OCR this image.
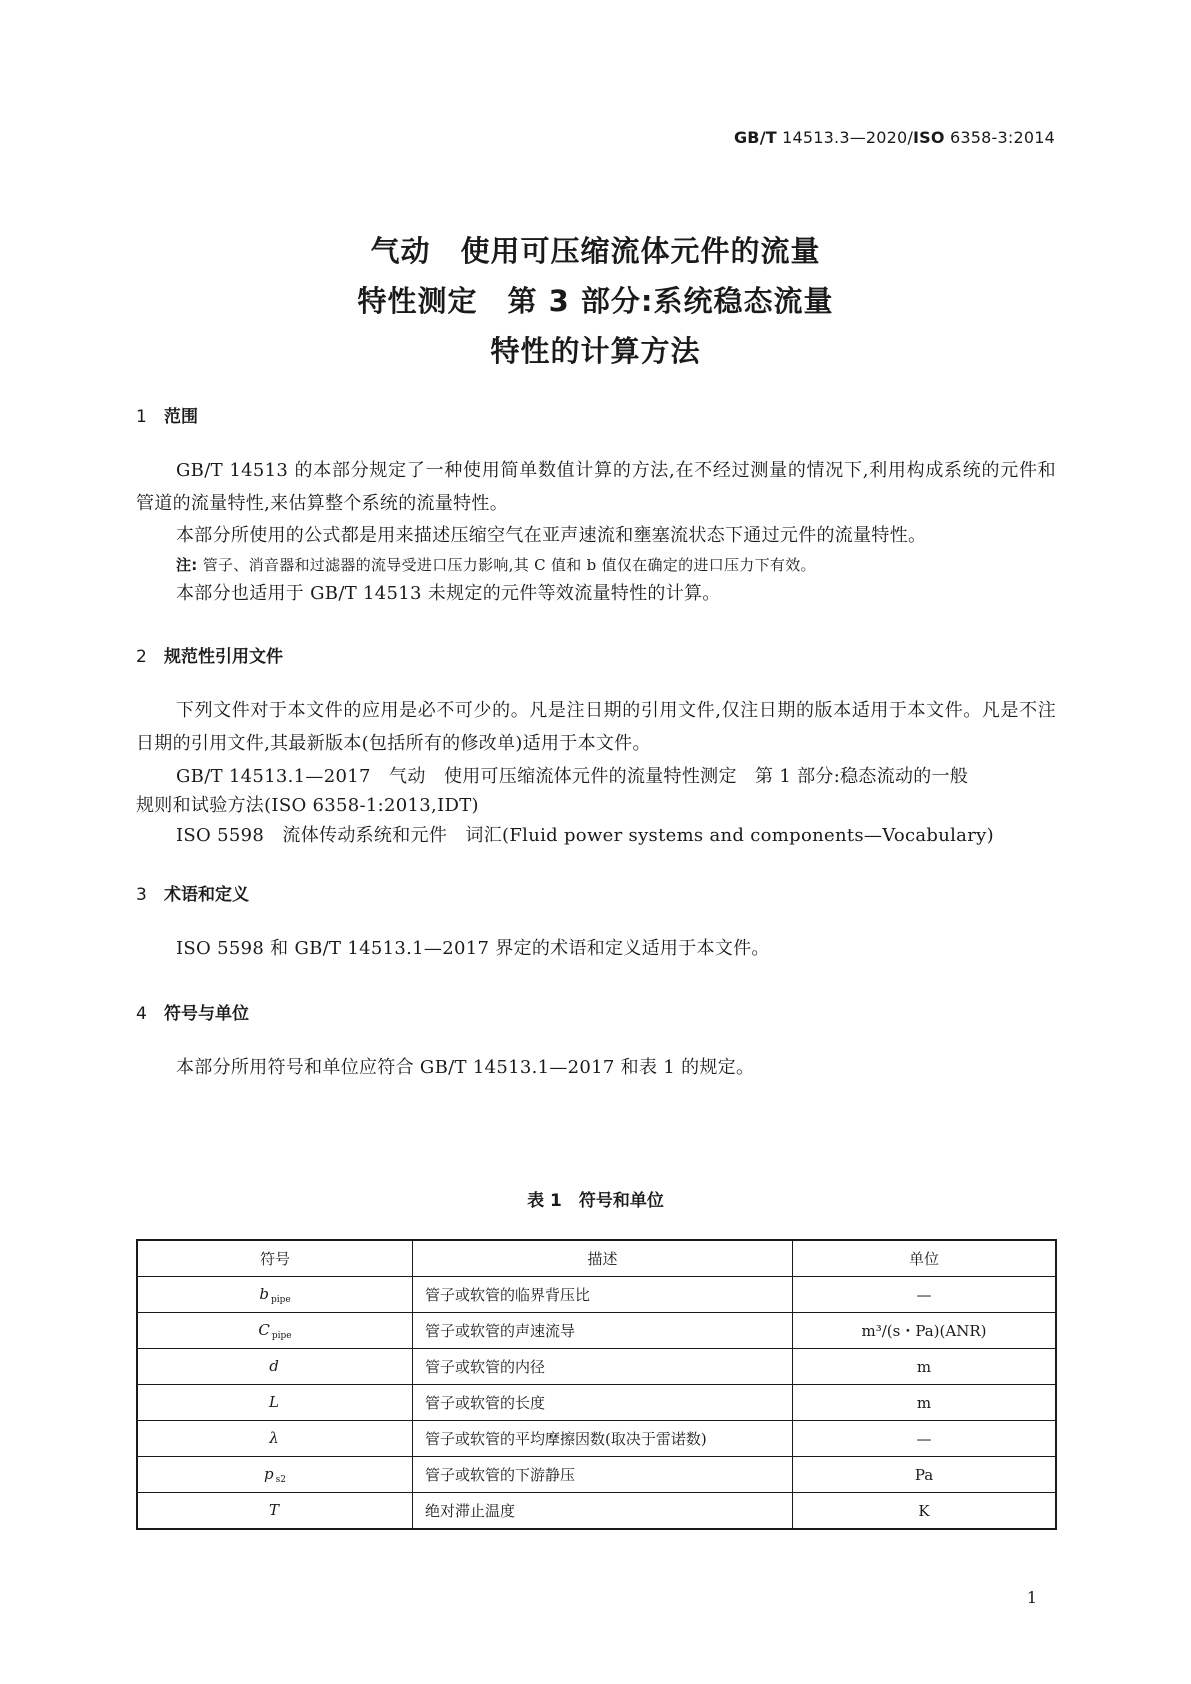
GB/T 14513.3—2020/ISO 6358-3:2014
气动　使用可压缩流体元件的流量
特性测定　第 3 部分:系统稳态流量
特性的计算方法
1 范围
GB/T 14513 的本部分规定了一种使用简单数值计算的方法,在不经过测量的情况下,利用构成系统的元件和管道的流量特性,来估算整个系统的流量特性。
本部分所使用的公式都是用来描述压缩空气在亚声速流和壅塞流状态下通过元件的流量特性。
注: 管子、消音器和过滤器的流导受进口压力影响,其 C 值和 b 值仅在确定的进口压力下有效。
本部分也适用于 GB/T 14513 未规定的元件等效流量特性的计算。
2 规范性引用文件
下列文件对于本文件的应用是必不可少的。凡是注日期的引用文件,仅注日期的版本适用于本文件。凡是不注日期的引用文件,其最新版本(包括所有的修改单)适用于本文件。
GB/T 14513.1—2017　气动　使用可压缩流体元件的流量特性测定　第 1 部分:稳态流动的一般
规则和试验方法(ISO 6358-1:2013,IDT)
ISO 5598　流体传动系统和元件　词汇(Fluid power systems and components—Vocabulary)
3 术语和定义
ISO 5598 和 GB/T 14513.1—2017 界定的术语和定义适用于本文件。
4 符号与单位
本部分所用符号和单位应符合 GB/T 14513.1—2017 和表 1 的规定。
表 1　符号和单位
符号	描述	单位
b $_{pipe}$	管子或软管的临界背压比	—
C $_{pipe}$	管子或软管的声速流导	m³/(s・Pa)(ANR)
d	管子或软管的内径	m
L	管子或软管的长度	m
λ	管子或软管的平均摩擦因数(取决于雷诺数)	—
p $_{s2}$	管子或软管的下游静压	Pa
T	绝对滞止温度	K
1
